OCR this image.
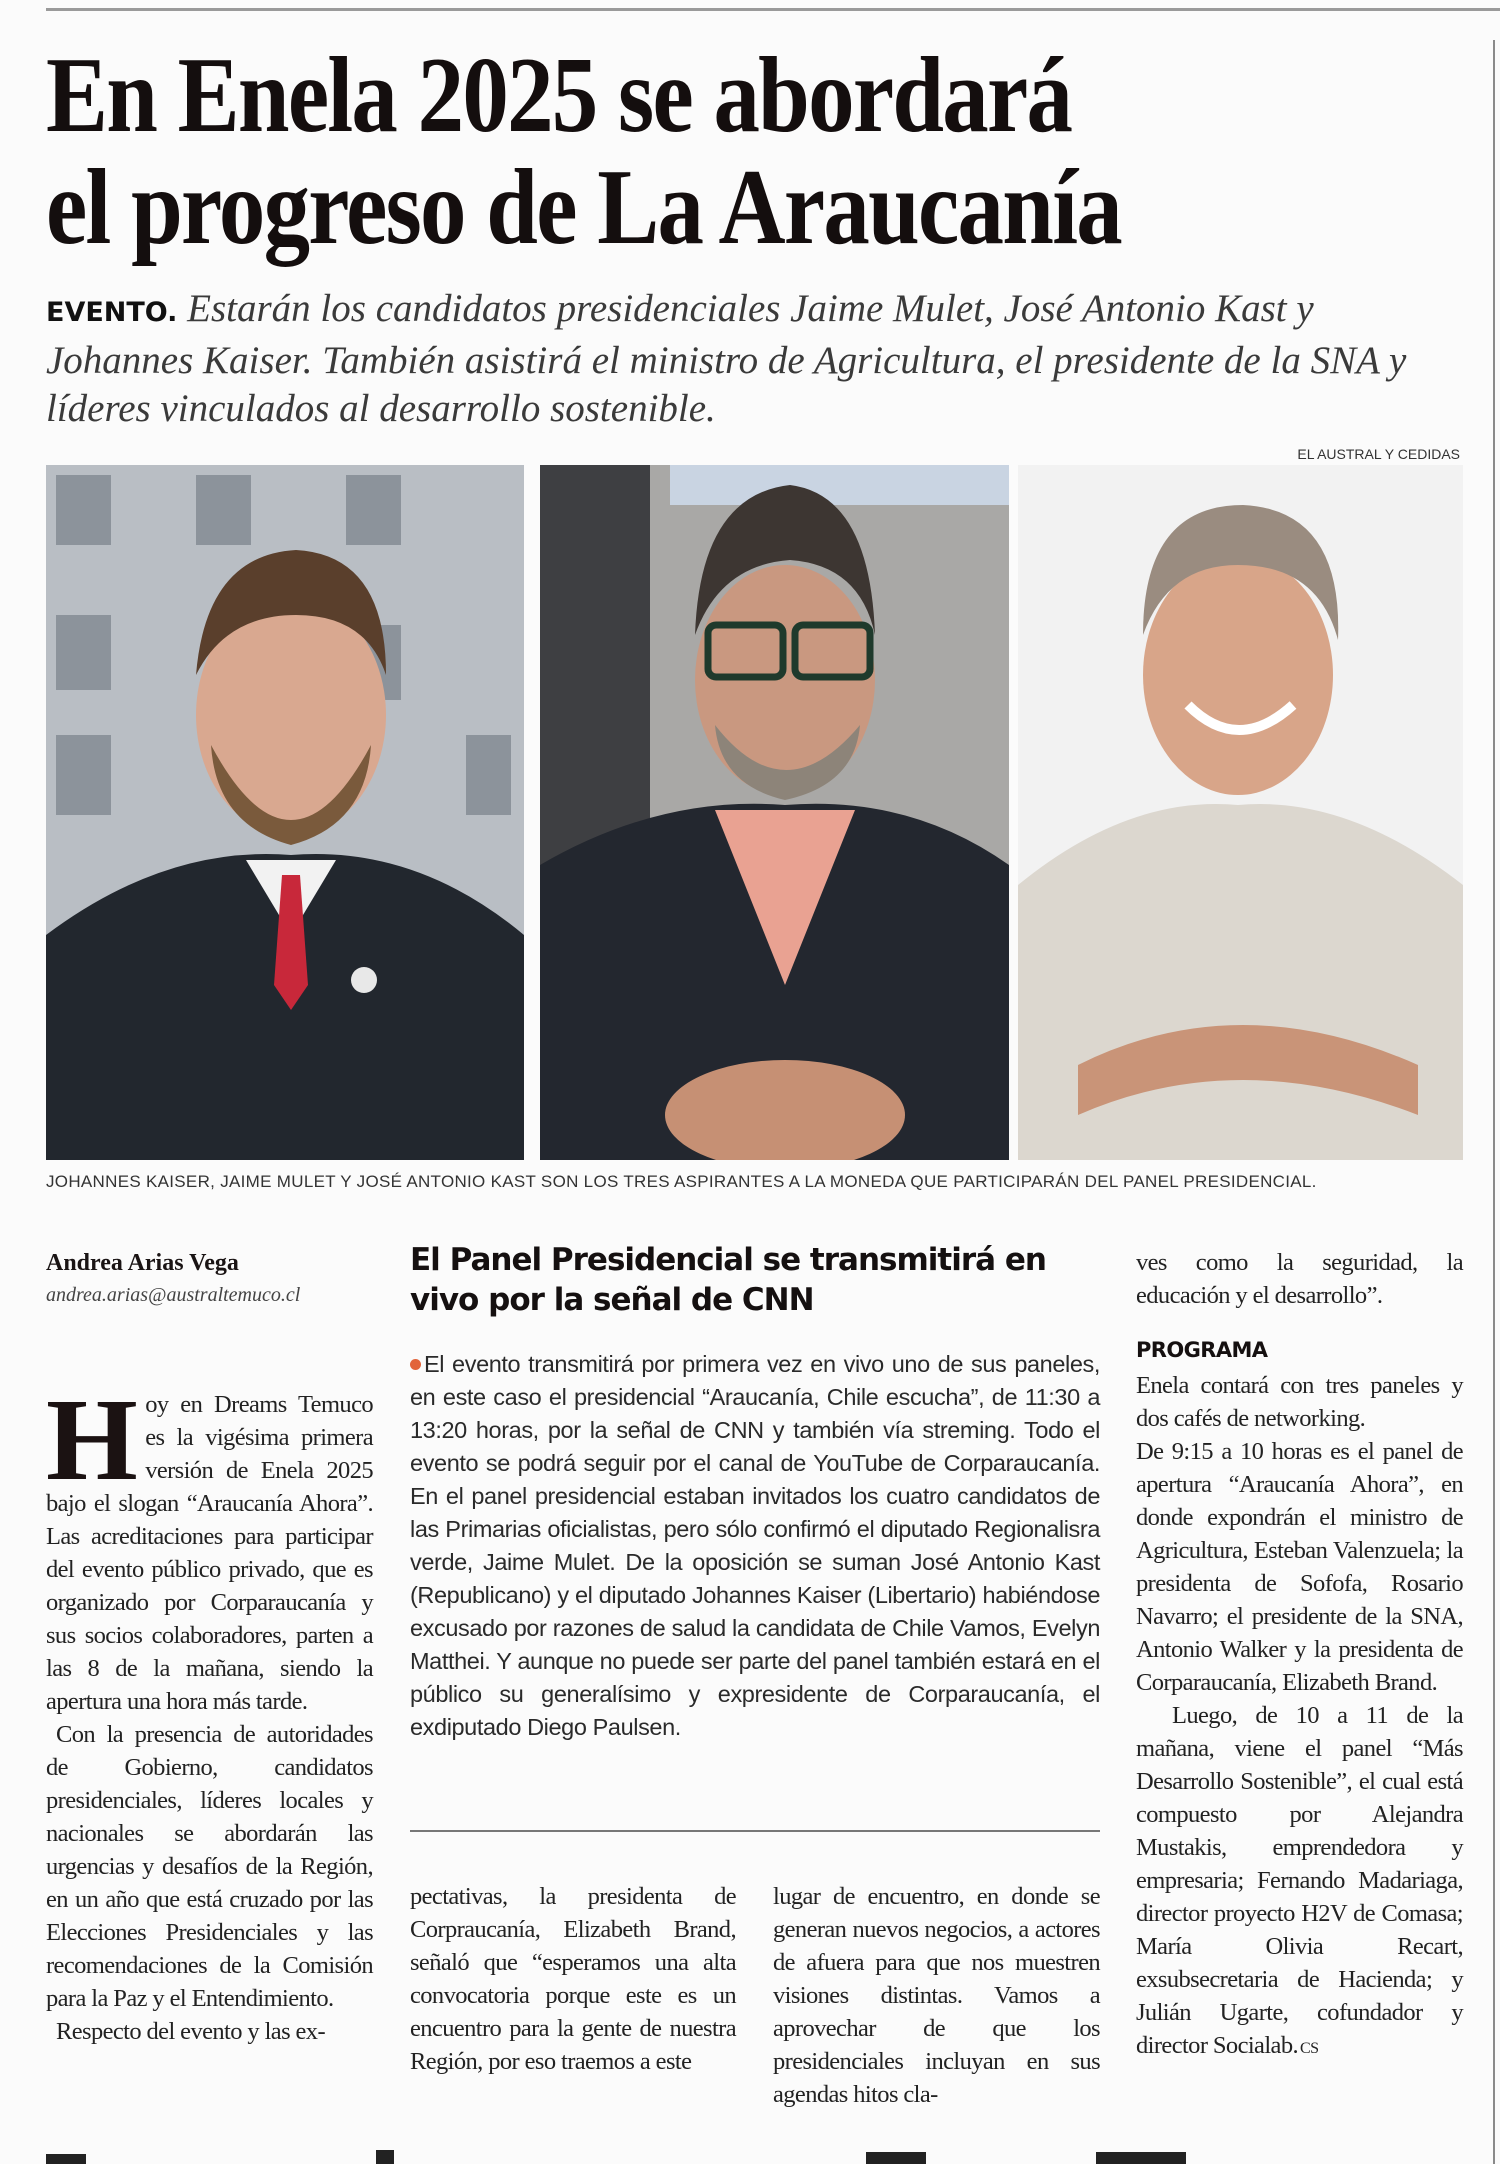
En Enela 2025 se abordará
el progreso de La Araucanía
EVENTO. Estarán los candidatos presidenciales Jaime Mulet, José Antonio Kast y Johannes Kaiser. También asistirá el ministro de Agricultura, el presidente de la SNA y líderes vinculados al desarrollo sostenible.
EL AUSTRAL Y CEDIDAS
JOHANNES KAISER, JAIME MULET Y JOSÉ ANTONIO KAST SON LOS TRES ASPIRANTES A LA MONEDA QUE PARTICIPARÁN DEL PANEL PRESIDENCIAL.
Andrea Arias Vega
andrea.arias@australtemuco.cl

Hoy en Dreams Temuco es la vigésima primera versión de Enela 2025 bajo el slogan “Araucanía Ahora”. Las acreditaciones para participar del evento público privado, que es organizado por Corparaucanía y sus socios colaboradores, parten a las 8 de la mañana, siendo la apertura una hora más tarde.

Con la presencia de autoridades de Gobierno, candidatos presidenciales, líderes locales y nacionales se abordarán las urgencias y desafíos de la Región, en un año que está cruzado por las Elecciones Presidenciales y las recomendaciones de la Comisión para la Paz y el Entendimiento.

Respecto del evento y las ex-

El Panel Presidencial se transmitirá en vivo por la señal de CNN
El evento transmitirá por primera vez en vivo uno de sus paneles, en este caso el presidencial “Araucanía, Chile escucha”, de 11:30 a 13:20 horas, por la señal de CNN y también vía streming. Todo el evento se podrá seguir por el canal de YouTube de Corparaucanía. En el panel presidencial estaban invitados los cuatro candidatos de las Primarias oficialistas, pero sólo confirmó el diputado Regionalisra verde, Jaime Mulet. De la oposición se suman José Antonio Kast (Republicano) y el diputado Johannes Kaiser (Libertario) habiéndose excusado por razones de salud la candidata de Chile Vamos, Evelyn Matthei. Y aunque no puede ser parte del panel también estará en el público su generalísimo y expresidente de Corparaucanía, el exdiputado Diego Paulsen.

pectativas, la presidenta de Corpraucanía, Elizabeth Brand, señaló que “esperamos una alta convocatoria porque este es un encuentro para la gente de nuestra Región, por eso traemos a este

lugar de encuentro, en donde se generan nuevos negocios, a actores de afuera para que nos muestren visiones distintas. Vamos a aprovechar de que los presidenciales incluyan en sus agendas hitos cla-

ves como la seguridad, la educación y el desarrollo”.

PROGRAMA

Enela contará con tres paneles y dos cafés de networking.

De 9:15 a 10 horas es el panel de apertura “Araucanía Ahora”, en donde expondrán el ministro de Agricultura, Esteban Valenzuela; la presidenta de Sofofa, Rosario Navarro; el presidente de la SNA, Antonio Walker y la presidenta de Corparaucanía, Elizabeth Brand.

Luego, de 10 a 11 de la mañana, viene el panel “Más Desarrollo Sostenible”, el cual está compuesto por Alejandra Mustakis, emprendedora y empresaria; Fernando Madariaga, director proyecto H2V de Comasa; María Olivia Recart, exsubsecretaria de Hacienda; y Julián Ugarte, cofundador y director Socialab. CS
